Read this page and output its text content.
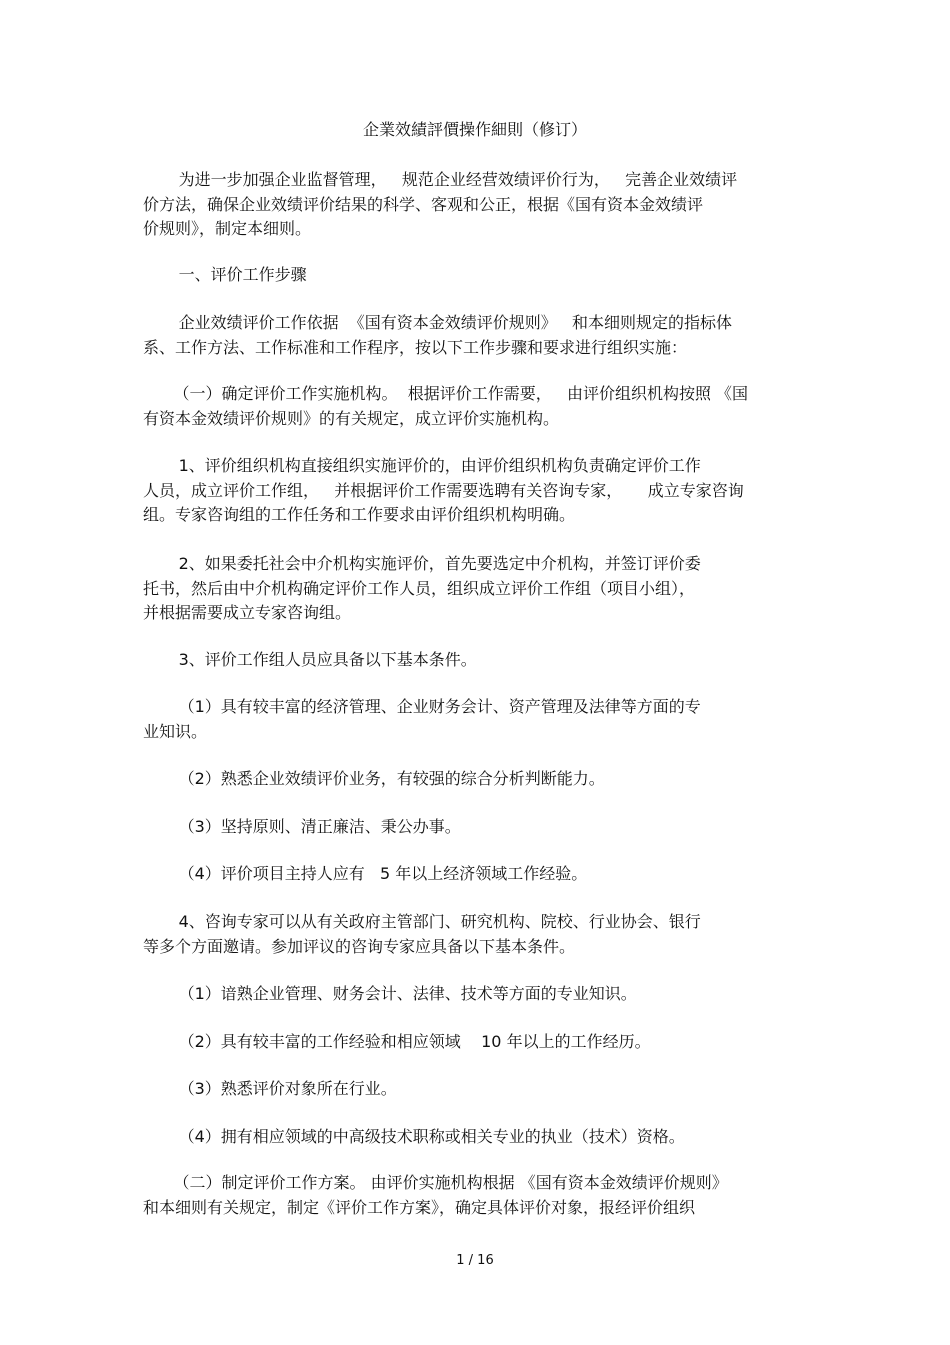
企業效績評價操作細則（修订）
为进一步加强企业监督管理，   规范企业经营效绩评价行为，   完善企业效绩评
价方法，确保企业效绩评价结果的科学、客观和公正，根据《国有资本金效绩评
价规则》，制定本细则。
一、评价工作步骤
企业效绩评价工作依据  《国有资本金效绩评价规则》   和本细则规定的指标体
系、工作方法、工作标准和工作程序，按以下工作步骤和要求进行组织实施：
（一）确定评价工作实施机构。  根据评价工作需要，   由评价组织机构按照 《国
有资本金效绩评价规则》的有关规定，成立评价实施机构。
1、评价组织机构直接组织实施评价的，由评价组织机构负责确定评价工作
人员，成立评价工作组，   并根据评价工作需要选聘有关咨询专家，     成立专家咨询
组。专家咨询组的工作任务和工作要求由评价组织机构明确。
2、如果委托社会中介机构实施评价，首先要选定中介机构，并签订评价委
托书，然后由中介机构确定评价工作人员，组织成立评价工作组（项目小组），
并根据需要成立专家咨询组。
3、评价工作组人员应具备以下基本条件。
（1）具有较丰富的经济管理、企业财务会计、资产管理及法律等方面的专
业知识。
（2）熟悉企业效绩评价业务，有较强的综合分析判断能力。
（3）坚持原则、清正廉洁、秉公办事。
（4）评价项目主持人应有   5 年以上经济领域工作经验。
4、咨询专家可以从有关政府主管部门、研究机构、院校、行业协会、银行
等多个方面邀请。参加评议的咨询专家应具备以下基本条件。
（1）谙熟企业管理、财务会计、法律、技术等方面的专业知识。
（2）具有较丰富的工作经验和相应领域    10 年以上的工作经历。
（3）熟悉评价对象所在行业。
（4）拥有相应领域的中高级技术职称或相关专业的执业（技术）资格。
（二）制定评价工作方案。 由评价实施机构根据 《国有资本金效绩评价规则》
和本细则有关规定，制定《评价工作方案》，确定具体评价对象，报经评价组织
1 / 16
